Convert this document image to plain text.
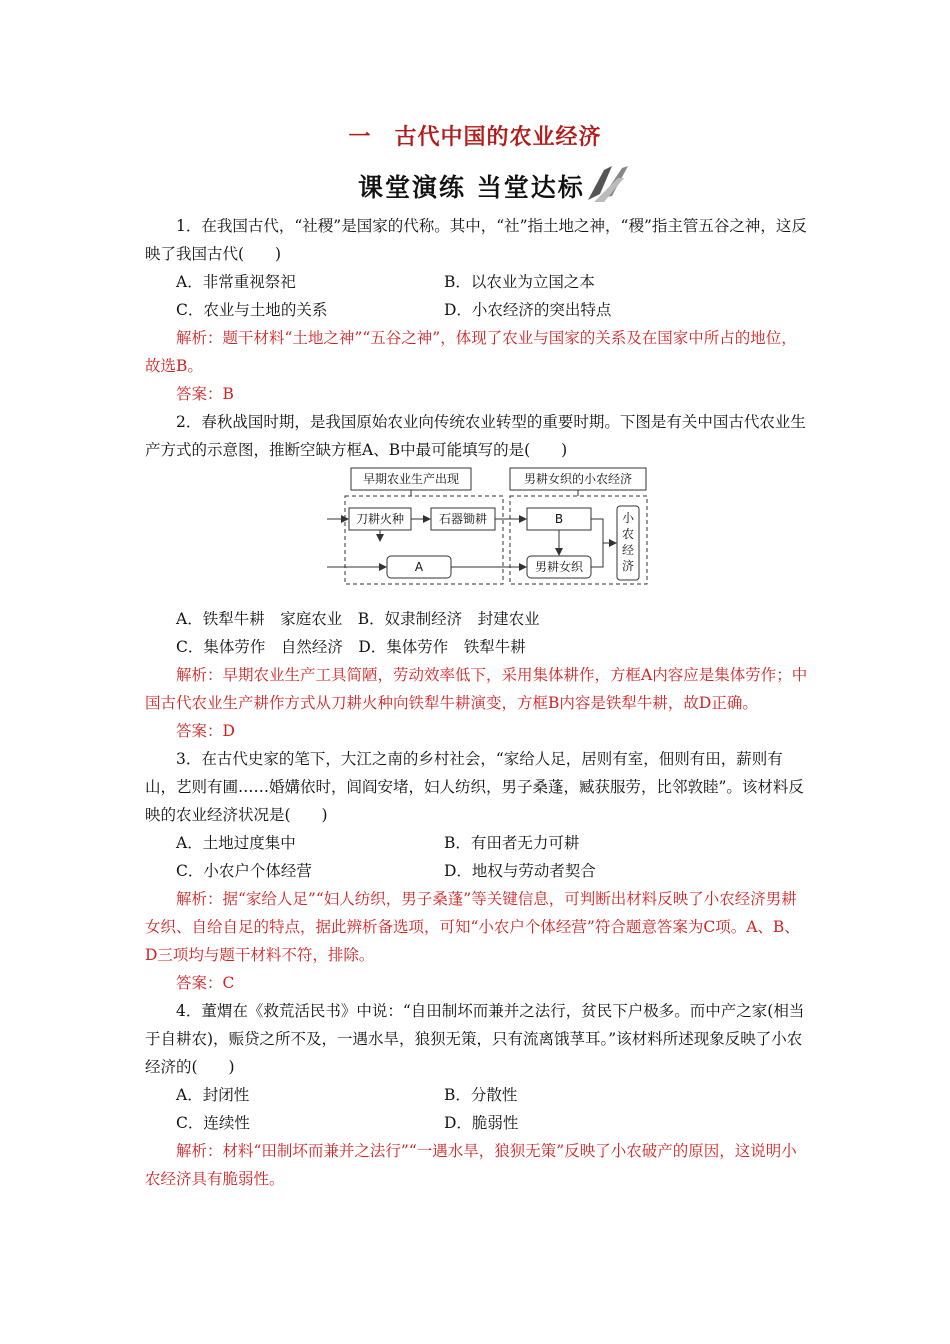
一　古代中国的农业经济
课堂演练 当堂达标

1．在我国古代，“社稷”是国家的代称。其中，“社”指土地之神，“稷”指主管五谷之神，这反映了我国古代(　　)

A．非常重视祭祀	B．以农业为立国之本
C．农业与土地的关系	D．小农经济的突出特点

解析：题干材料“土地之神”“五谷之神”，体现了农业与国家的关系及在国家中所占的地位，故选B。

答案：B

2．春秋战国时期，是我国原始农业向传统农业转型的重要时期。下图是有关中国古代农业生产方式的示意图，推断空缺方框A、B中最可能填写的是(　　)

早期农业生产出现	男耕女织的小农经济
刀耕火种	石器锄耕
A
B
男耕女织
小
农
经
济
A．铁犁牛耕　家庭农业　B．奴隶制经济　封建农业
C．集体劳作　自然经济　D．集体劳作　铁犁牛耕

解析：早期农业生产工具简陋，劳动效率低下，采用集体耕作，方框A内容应是集体劳作；中国古代农业生产耕作方式从刀耕火种向铁犁牛耕演变，方框B内容是铁犁牛耕，故D正确。

答案：D

3．在古代史家的笔下，大江之南的乡村社会，“家给人足，居则有室，佃则有田，薪则有山，艺则有圃……婚媾依时，闾阎安堵，妇人纺织，男子桑蓬，臧获服劳，比邻敦睦”。该材料反映的农业经济状况是(　　)

A．土地过度集中	B．有田者无力可耕
C．小农户个体经营	D．地权与劳动者契合

解析：据“家给人足”“妇人纺织，男子桑蓬”等关键信息，可判断出材料反映了小农经济男耕女织、自给自足的特点，据此辨析备选项，可知“小农户个体经营”符合题意答案为C项。A、B、D三项均与题干材料不符，排除。

答案：C

4．董煟在《救荒活民书》中说：“自田制坏而兼并之法行，贫民下户极多。而中产之家(相当于自耕农)，赈贷之所不及，一遇水旱，狼狈无策，只有流离饿莩耳。”该材料所述现象反映了小农经济的(　　)

A．封闭性	B．分散性
C．连续性	D．脆弱性

解析：材料“田制坏而兼并之法行”“一遇水旱，狼狈无策”反映了小农破产的原因，这说明小农经济具有脆弱性。
